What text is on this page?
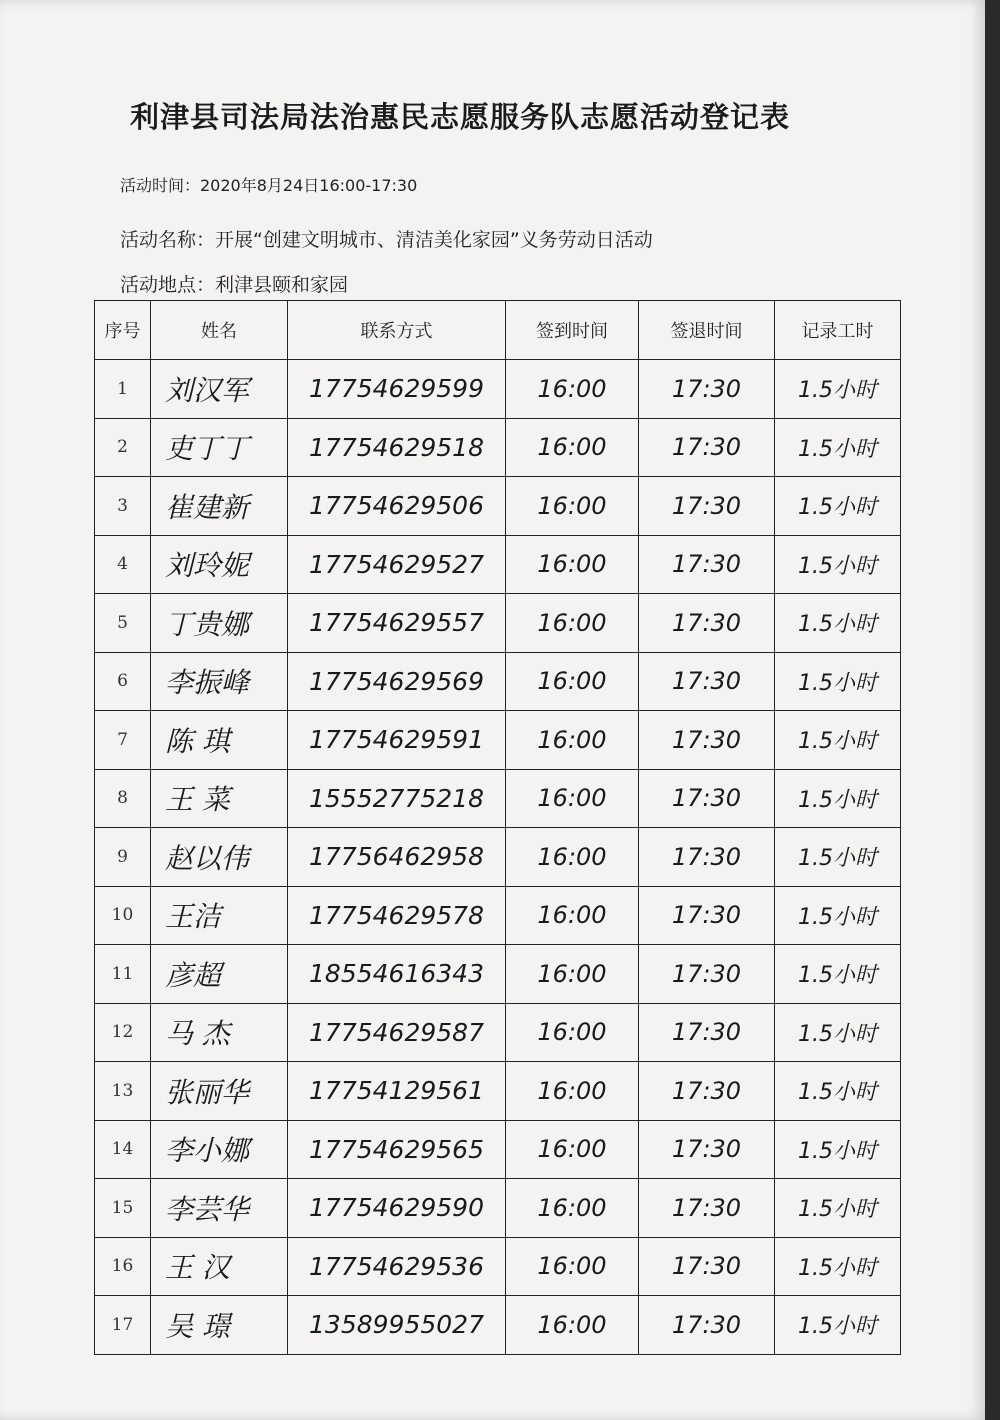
利津县司法局法治惠民志愿服务队志愿活动登记表
活动时间：2020年8月24日16:00-17:30
活动名称：开展“创建文明城市、清洁美化家园”义务劳动日活动
活动地点：利津县颐和家园
序号	姓名	联系方式	签到时间	签退时间	记录工时
1	刘汉军	17754629599	16:00	17:30	1.5小时
2	吏丁丁	17754629518	16:00	17:30	1.5小时
3	崔建新	17754629506	16:00	17:30	1.5小时
4	刘玲妮	17754629527	16:00	17:30	1.5小时
5	丁贵娜	17754629557	16:00	17:30	1.5小时
6	李振峰	17754629569	16:00	17:30	1.5小时
7	陈 琪	17754629591	16:00	17:30	1.5小时
8	王 菜	15552775218	16:00	17:30	1.5小时
9	赵以伟	17756462958	16:00	17:30	1.5小时
10	王洁	17754629578	16:00	17:30	1.5小时
11	彦超	18554616343	16:00	17:30	1.5小时
12	马 杰	17754629587	16:00	17:30	1.5小时
13	张丽华	17754129561	16:00	17:30	1.5小时
14	李小娜	17754629565	16:00	17:30	1.5小时
15	李芸华	17754629590	16:00	17:30	1.5小时
16	王 汉	17754629536	16:00	17:30	1.5小时
17	吴 璟	13589955027	16:00	17:30	1.5小时
